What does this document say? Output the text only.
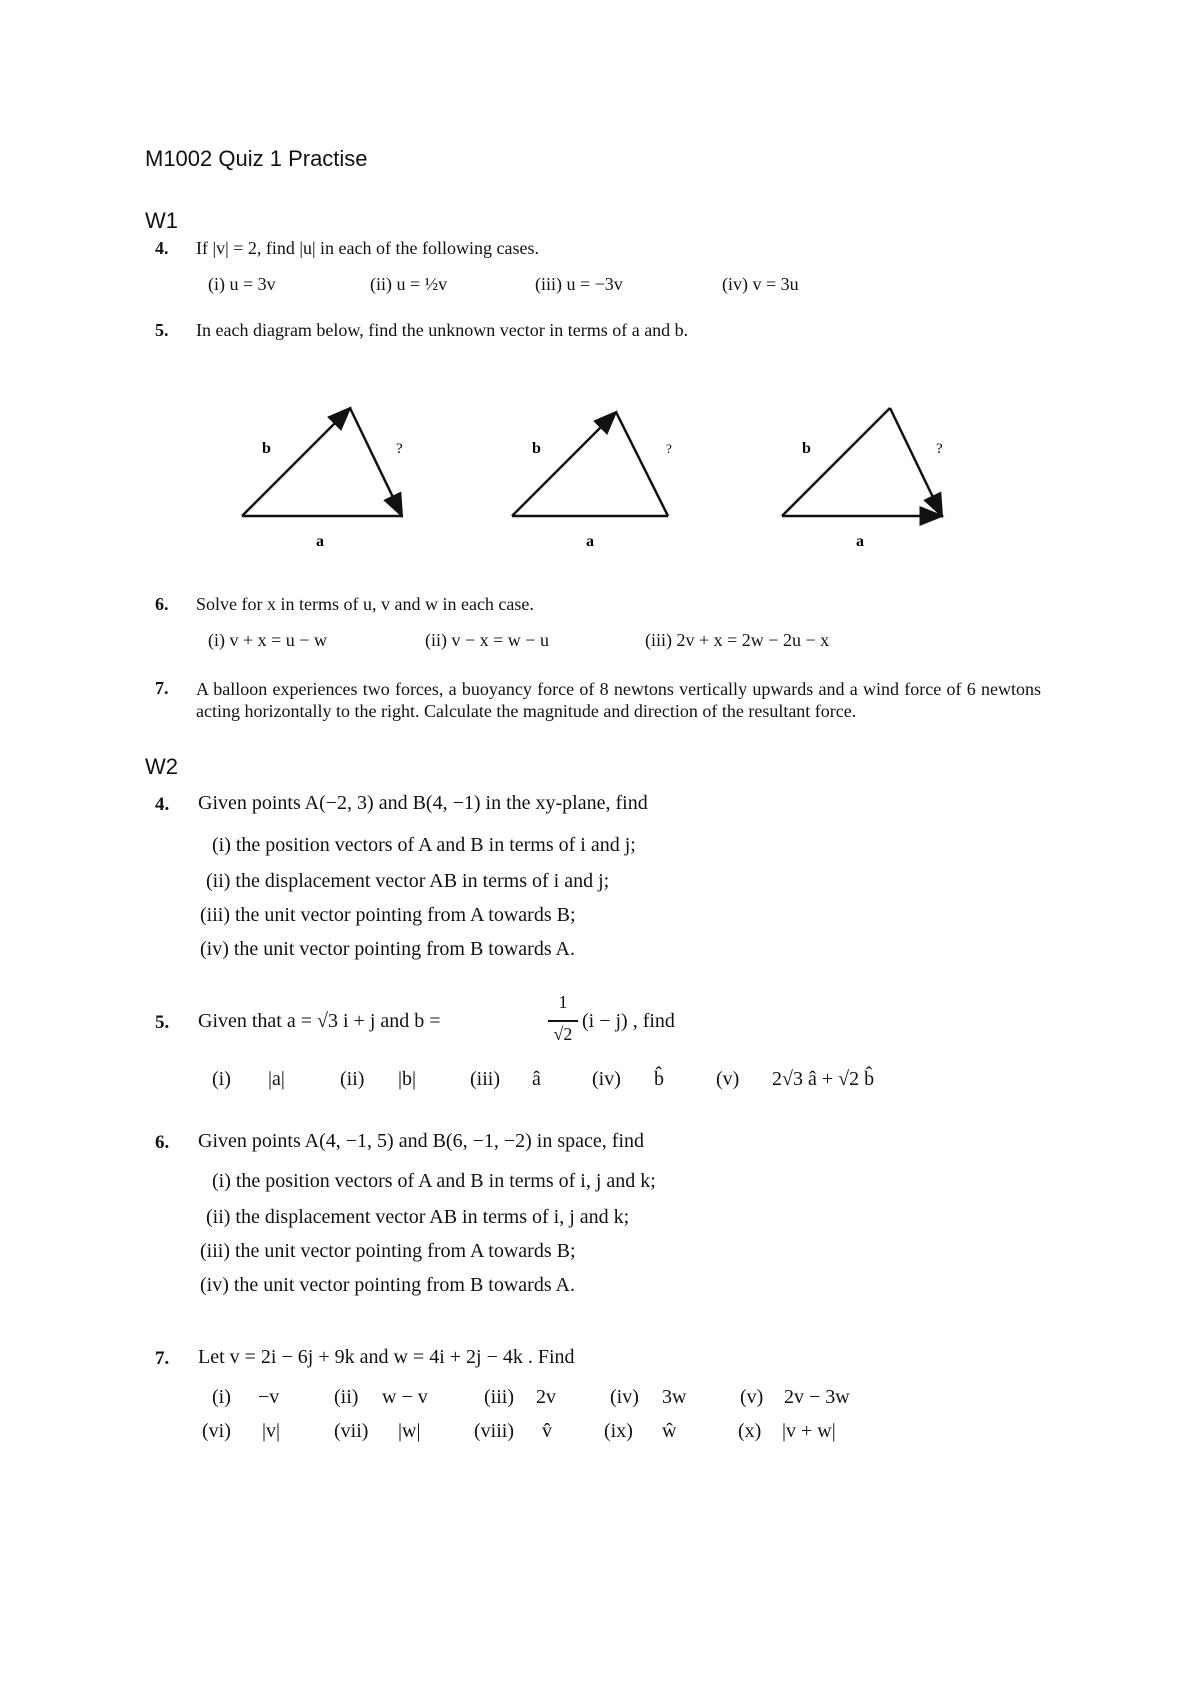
M1002 Quiz 1 Practise
W1
W2
4. If |v| = 2, find |u| in each of the following cases.
(i) u = 3v	(ii) u = ½v	(iii) u = −3v	(iv) v = 3u
5. In each diagram below, find the unknown vector in terms of a and b.
b	?
a
b	?
a
b	?
a
6. Solve for x in terms of u, v and w in each case.
(i) v + x = u − w	(ii) v − x = w − u	(iii) 2v + x = 2w − 2u − x
7. A balloon experiences two forces, a buoyancy force of 8 newtons vertically upwards and a wind force of 6 newtons acting horizontally to the right. Calculate the magnitude and direction of the resultant force.
4. Given points A(−2, 3) and B(4, −1) in the xy-plane, find
(i) the position vectors of A and B in terms of i and j;
(ii) the displacement vector AB in terms of i and j;
(iii) the unit vector pointing from A towards B;
(iv) the unit vector pointing from B towards A.
5. Given that a = √3 i + j and b =
1
√2
(i − j) , find
(i) |a|	(ii) |b|	(iii) â	(iv) b̂	(v) 2√3 â + √2 b̂
6. Given points A(4, −1, 5) and B(6, −1, −2) in space, find
(i) the position vectors of A and B in terms of i, j and k;
(ii) the displacement vector AB in terms of i, j and k;
(iii) the unit vector pointing from A towards B;
(iv) the unit vector pointing from B towards A.
7. Let v = 2i − 6j + 9k and w = 4i + 2j − 4k . Find
(i) −v	(ii) w − v	(iii) 2v	(iv) 3w	(v) 2v − 3w
(vi) |v|	(vii) |w|	(viii) v̂	(ix) ŵ	(x) |v + w|
